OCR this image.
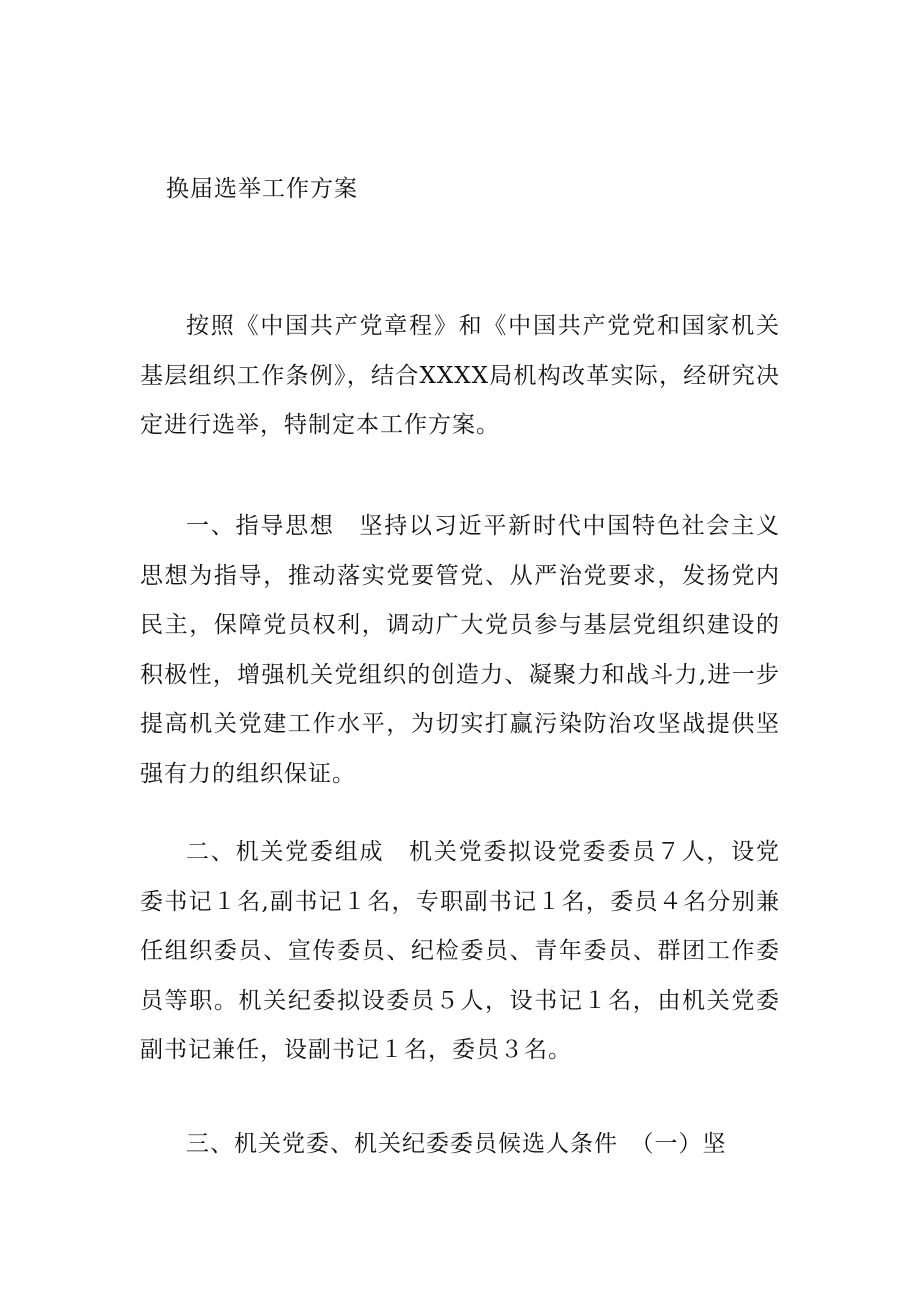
换届选举工作方案

按照《中国共产党章程》和《中国共产党党和国家机关基层组织工作条例》，结合XXXX局机构改革实际，经研究决定进行选举，特制定本工作方案。

一、指导思想　坚持以习近平新时代中国特色社会主义思想为指导，推动落实党要管党、从严治党要求，发扬党内民主，保障党员权利，调动广大党员参与基层党组织建设的积极性，增强机关党组织的创造力、凝聚力和战斗力,进一步提高机关党建工作水平，为切实打赢污染防治攻坚战提供坚强有力的组织保证。

二、机关党委组成　机关党委拟设党委委员７人，设党委书记１名,副书记１名，专职副书记１名，委员４名分别兼任组织委员、宣传委员、纪检委员、青年委员、群团工作委员等职。机关纪委拟设委员５人，设书记１名，由机关党委副书记兼任，设副书记１名，委员３名。

三、机关党委、机关纪委委员候选人条件　（一）坚
